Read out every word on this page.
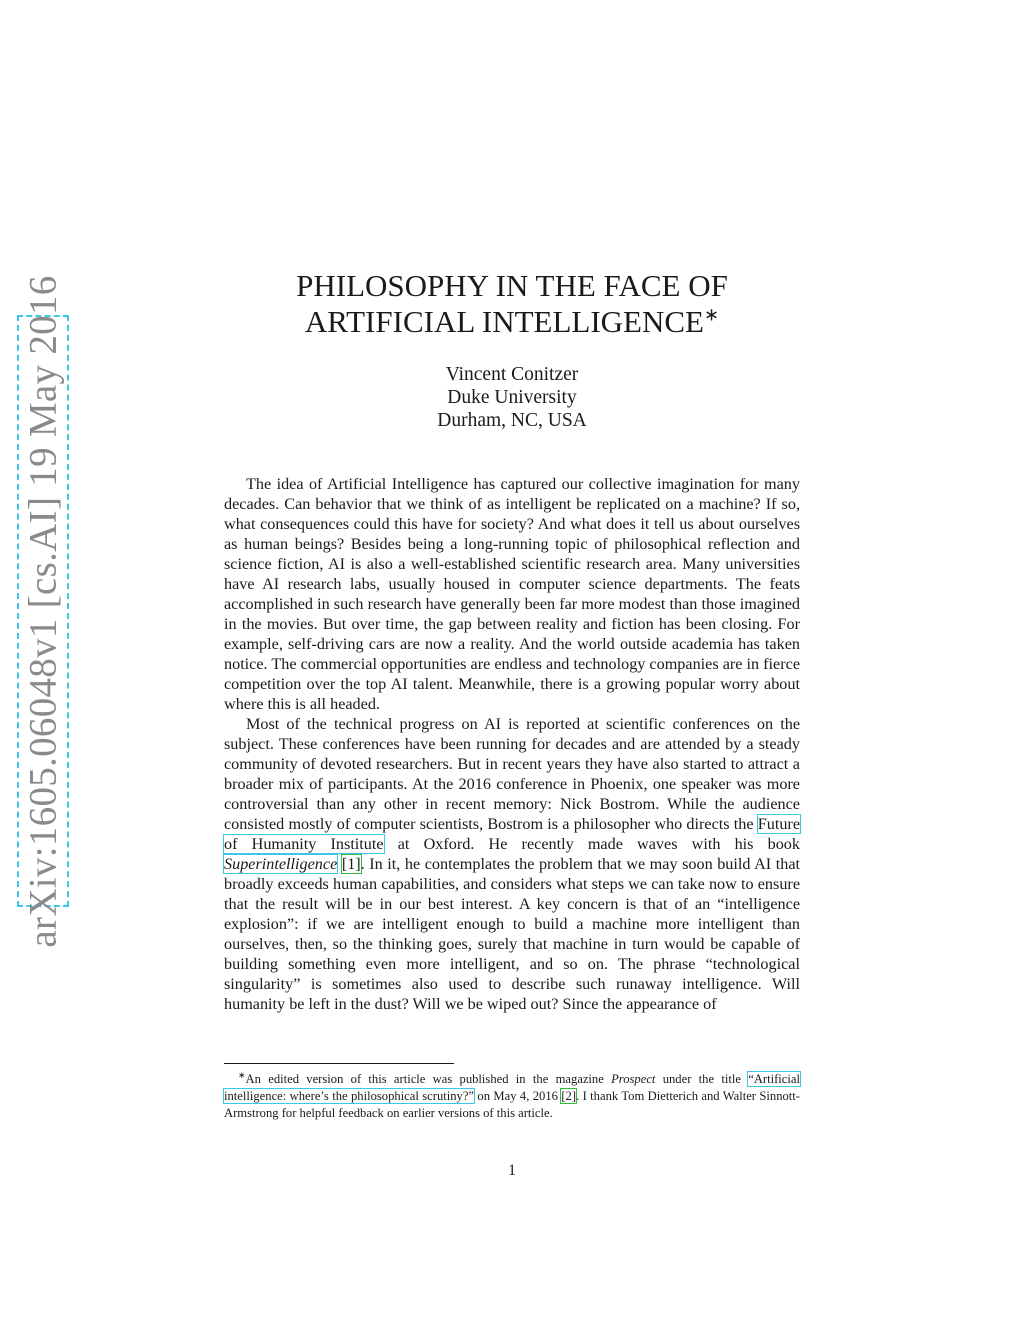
arXiv:1605.06048v1 [cs.AI] 19 May 2016	PHILOSOPHY IN THE FACE OF ARTIFICIAL INTELLIGENCE∗
Vincent Conitzer
Duke University
Durham, NC, USA

The idea of Artificial Intelligence has captured our collective imagination for many decades. Can behavior that we think of as intelligent be replicated on a machine? If so, what consequences could this have for society? And what does it tell us about ourselves as human beings? Besides being a long-running topic of philosophical reflection and science fiction, AI is also a well-established scientific research area. Many universities have AI research labs, usually housed in computer science departments. The feats accomplished in such research have generally been far more modest than those imagined in the movies. But over time, the gap between reality and fiction has been closing. For example, self-driving cars are now a reality. And the world outside academia has taken notice. The commercial opportunities are endless and technology companies are in fierce competition over the top AI talent. Meanwhile, there is a growing popular worry about where this is all headed.

Most of the technical progress on AI is reported at scientific conferences on the subject. These conferences have been running for decades and are attended by a steady community of devoted researchers. But in recent years they have also started to attract a broader mix of participants. At the 2016 conference in Phoenix, one speaker was more controversial than any other in recent memory: Nick Bostrom. While the audience consisted mostly of computer scientists, Bostrom is a philosopher who directs the Future of Humanity Institute at Oxford. He recently made waves with his book Superintelligence [1]. In it, he contemplates the problem that we may soon build AI that broadly exceeds human capabilities, and considers what steps we can take now to ensure that the result will be in our best interest. A key concern is that of an “intelligence explosion”: if we are intelligent enough to build a machine more intelligent than ourselves, then, so the thinking goes, surely that machine in turn would be capable of building something even more intelligent, and so on. The phrase “technological singularity” is sometimes also used to describe such runaway intelligence. Will humanity be left in the dust? Will we be wiped out? Since the appearance of

∗An edited version of this article was published in the magazine Prospect under the title “Artificial intelligence: where’s the philosophical scrutiny?” on May 4, 2016 [2]. I thank Tom Dietterich and Walter Sinnott-Armstrong for helpful feedback on earlier versions of this article.

1
